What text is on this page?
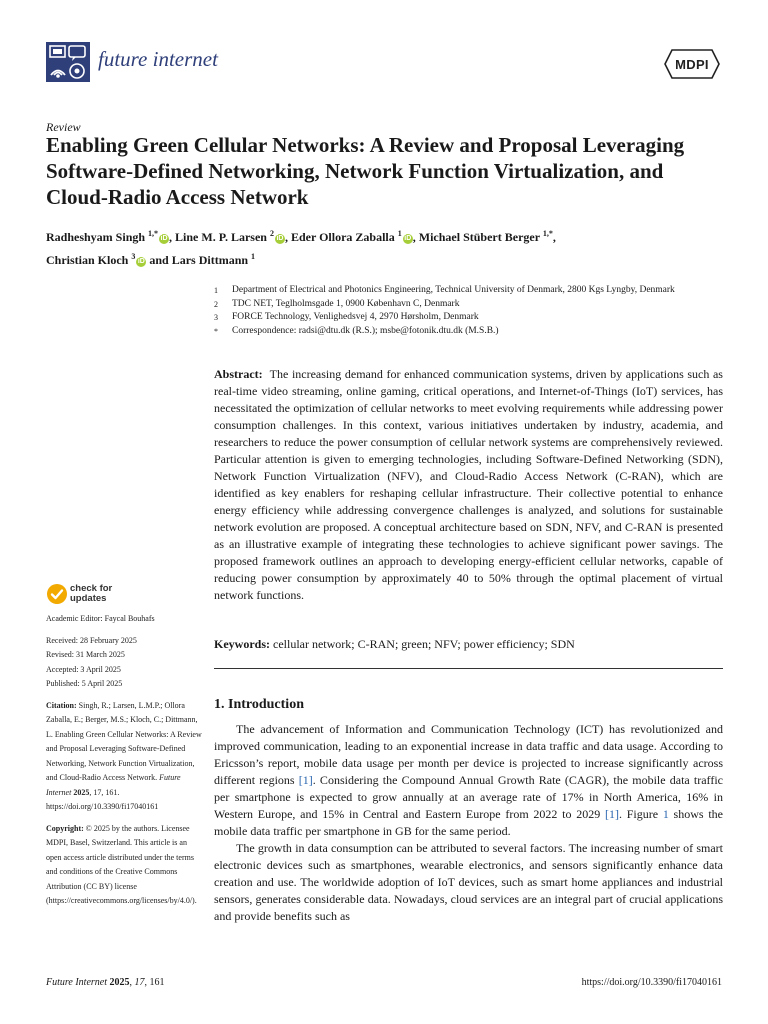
future internet	MDPI
Review
Enabling Green Cellular Networks: A Review and Proposal Leveraging Software-Defined Networking, Network Function Virtualization, and Cloud-Radio Access Network
Radheshyam Singh $^{1,*}$iD , Line M. P. Larsen $^2$iD , Eder Ollora Zaballa $^1$iD , Michael Stübert Berger $^{1,*}$,
Christian Kloch $^3$iD and Lars Dittmann $^1$
1	Department of Electrical and Photonics Engineering, Technical University of Denmark, 2800 Kgs Lyngby, Denmark
2	TDC NET, Teglholmsgade 1, 0900 København C, Denmark
3	FORCE Technology, Venlighedsvej 4, 2970 Hørsholm, Denmark
*	Correspondence: radsi@dtu.dk (R.S.); msbe@fotonik.dtu.dk (M.S.B.)

Abstract: The increasing demand for enhanced communication systems, driven by applications such as real-time video streaming, online gaming, critical operations, and Internet-of-Things (IoT) services, has necessitated the optimization of cellular networks to meet evolving requirements while addressing power consumption challenges. In this context, various initiatives undertaken by industry, academia, and researchers to reduce the power consumption of cellular network systems are comprehensively reviewed. Particular attention is given to emerging technologies, including Software-Defined Networking (SDN), Network Function Virtualization (NFV), and Cloud-Radio Access Network (C-RAN), which are identified as key enablers for reshaping cellular infrastructure. Their collective potential to enhance energy efficiency while addressing convergence challenges is analyzed, and solutions for sustainable network evolution are proposed. A conceptual architecture based on SDN, NFV, and C-RAN is presented as an illustrative example of integrating these technologies to achieve significant power savings. The proposed framework outlines an approach to developing energy-efficient cellular networks, capable of reducing power consumption by approximately 40 to 50% through the optimal placement of virtual network functions.

Keywords: cellular network; C-RAN; green; NFV; power efficiency; SDN

1. Introduction

The advancement of Information and Communication Technology (ICT) has revolutionized and improved communication, leading to an exponential increase in data traffic and data usage. According to Ericsson’s report, mobile data usage per month per device is projected to increase significantly across different regions [1]. Considering the Compound Annual Growth Rate (CAGR), the mobile data traffic per smartphone is expected to grow annually at an average rate of 17% in North America, 16% in Western Europe, and 15% in Central and Eastern Europe from 2022 to 2029 [1]. Figure 1 shows the mobile data traffic per smartphone in GB for the same period.

The growth in data consumption can be attributed to several factors. The increasing number of smart electronic devices such as smartphones, wearable electronics, and sensors significantly enhance data creation and use. The worldwide adoption of IoT devices, such as smart home appliances and industrial sensors, generates considerable data. Nowadays, cloud services are an integral part of crucial applications and provide benefits such as

check for
updates
Academic Editor: Faycal Bouhafs
Received: 28 February 2025
Revised: 31 March 2025
Accepted: 3 April 2025
Published: 5 April 2025
Citation: Singh, R.; Larsen, L.M.P.; Ollora Zaballa, E.; Berger, M.S.; Kloch, C.; Dittmann, L. Enabling Green Cellular Networks: A Review and Proposal Leveraging Software-Defined Networking, Network Function Virtualization, and Cloud-Radio Access Network. Future Internet 2025, 17, 161. https://doi.org/10.3390/fi17040161
Copyright: © 2025 by the authors. Licensee MDPI, Basel, Switzerland. This article is an open access article distributed under the terms and conditions of the Creative Commons Attribution (CC BY) license (https://creativecommons.org/licenses/by/4.0/).
Future Internet 2025, 17, 161	https://doi.org/10.3390/fi17040161
